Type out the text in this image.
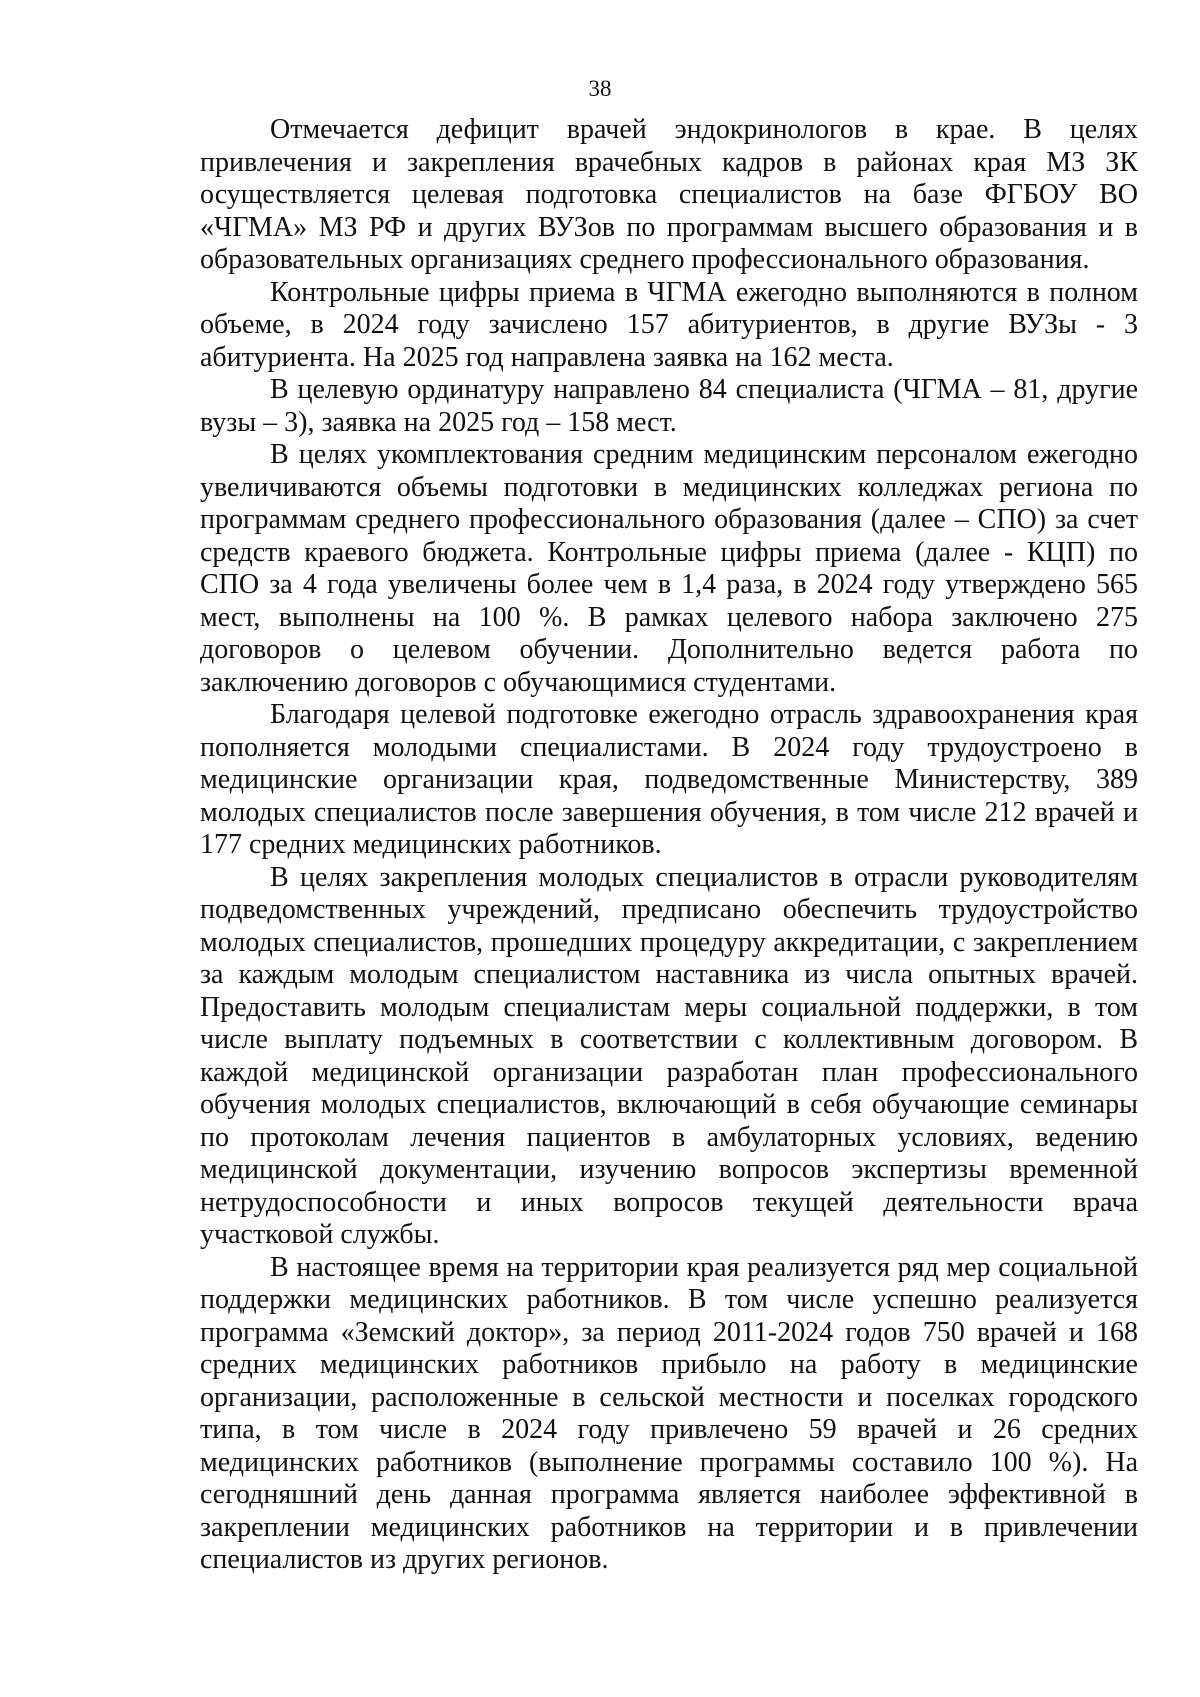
38

Отмечается дефицит врачей эндокринологов в крае. В целях привлечения и закрепления врачебных кадров в районах края МЗ ЗК осуществляется целевая подготовка специалистов на базе ФГБОУ ВО «ЧГМА» МЗ РФ и других ВУЗов по программам высшего образования и в образовательных организациях среднего профессионального образования.

Контрольные цифры приема в ЧГМА ежегодно выполняются в полном объеме, в 2024 году зачислено 157 абитуриентов, в другие ВУЗы - 3 абитуриента. На 2025 год направлена заявка на 162 места.

В целевую ординатуру направлено 84 специалиста (ЧГМА – 81, другие вузы – 3), заявка на 2025 год – 158 мест.

В целях укомплектования средним медицинским персоналом ежегодно увеличиваются объемы подготовки в медицинских колледжах региона по программам среднего профессионального образования (далее – СПО) за счет средств краевого бюджета. Контрольные цифры приема (далее - КЦП) по СПО за 4 года увеличены более чем в 1,4 раза, в 2024 году утверждено 565 мест, выполнены на 100 %. В рамках целевого набора заключено 275 договоров о целевом обучении. Дополнительно ведется работа по заключению договоров с обучающимися студентами.

Благодаря целевой подготовке ежегодно отрасль здравоохранения края пополняется молодыми специалистами. В 2024 году трудоустроено в медицинские организации края, подведомственные Министерству, 389 молодых специалистов после завершения обучения, в том числе 212 врачей и 177 средних медицинских работников.

В целях закрепления молодых специалистов в отрасли руководителям подведомственных учреждений, предписано обеспечить трудоустройство молодых специалистов, прошедших процедуру аккредитации, с закреплением за каждым молодым специалистом наставника из числа опытных врачей. Предоставить молодым специалистам меры социальной поддержки, в том числе выплату подъемных в соответствии с коллективным договором. В каждой медицинской организации разработан план профессионального обучения молодых специалистов, включающий в себя обучающие семинары по протоколам лечения пациентов в амбулаторных условиях, ведению медицинской документации, изучению вопросов экспертизы временной нетрудоспособности и иных вопросов текущей деятельности врача участковой службы.

В настоящее время на территории края реализуется ряд мер социальной поддержки медицинских работников. В том числе успешно реализуется программа «Земский доктор», за период 2011-2024 годов 750 врачей и 168 средних медицинских работников прибыло на работу в медицинские организации, расположенные в сельской местности и поселках городского типа, в том числе в 2024 году привлечено 59 врачей и 26 средних медицинских работников (выполнение программы составило 100 %). На сегодняшний день данная программа является наиболее эффективной в закреплении медицинских работников на территории и в привлечении специалистов из других регионов.
